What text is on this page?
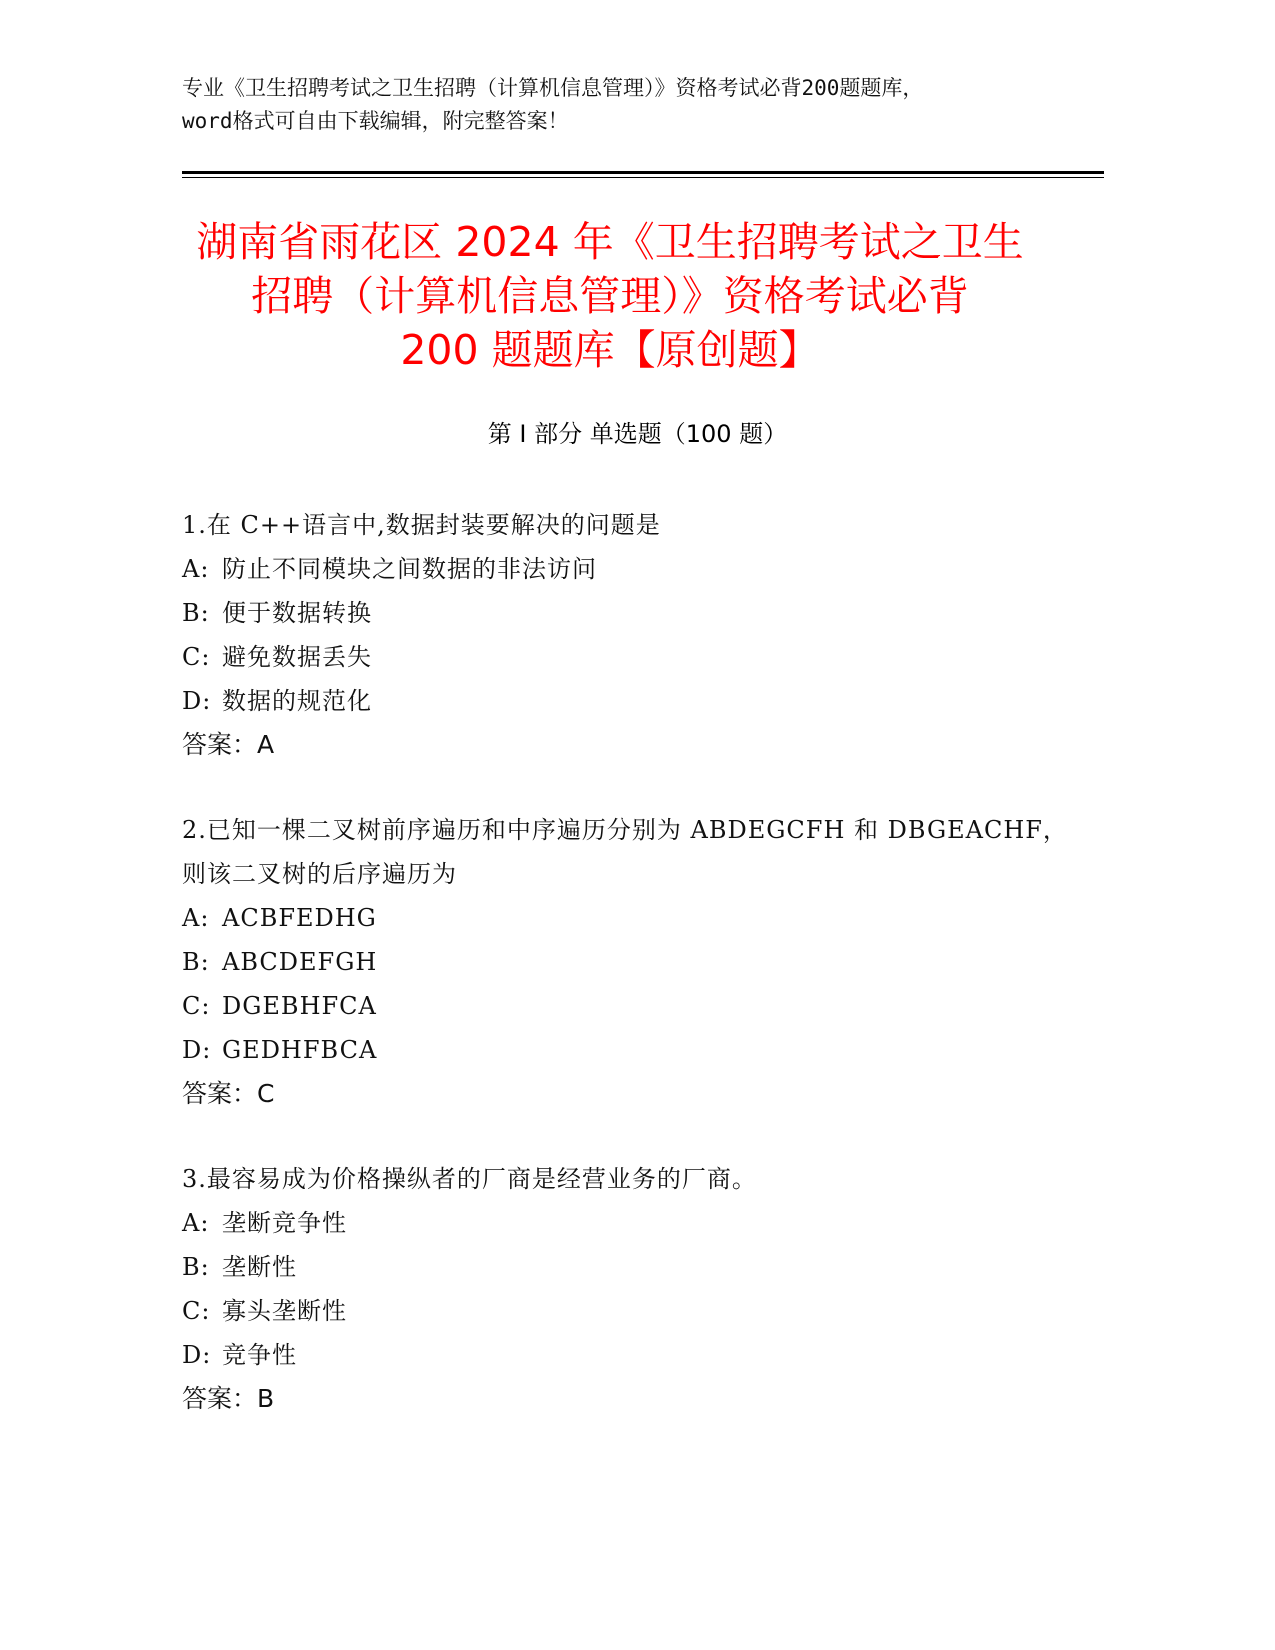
专业《卫生招聘考试之卫生招聘（计算机信息管理）》资格考试必背200题题库，
word格式可自由下载编辑，附完整答案！
湖南省雨花区 2024 年《卫生招聘考试之卫生
招聘（计算机信息管理）》资格考试必背
200 题题库【原创题】
第 I 部分 单选题（100 题）
1.在 C++语言中,数据封装要解决的问题是
A: 防止不同模块之间数据的非法访问
B: 便于数据转换
C: 避免数据丢失
D: 数据的规范化
答案：A
2.已知一棵二叉树前序遍历和中序遍历分别为 ABDEGCFH 和 DBGEACHF，
则该二叉树的后序遍历为
A: ACBFEDHG
B: ABCDEFGH
C: DGEBHFCA
D: GEDHFBCA
答案：C
3.最容易成为价格操纵者的厂商是经营业务的厂商。
A: 垄断竞争性
B: 垄断性
C: 寡头垄断性
D: 竞争性
答案：B
